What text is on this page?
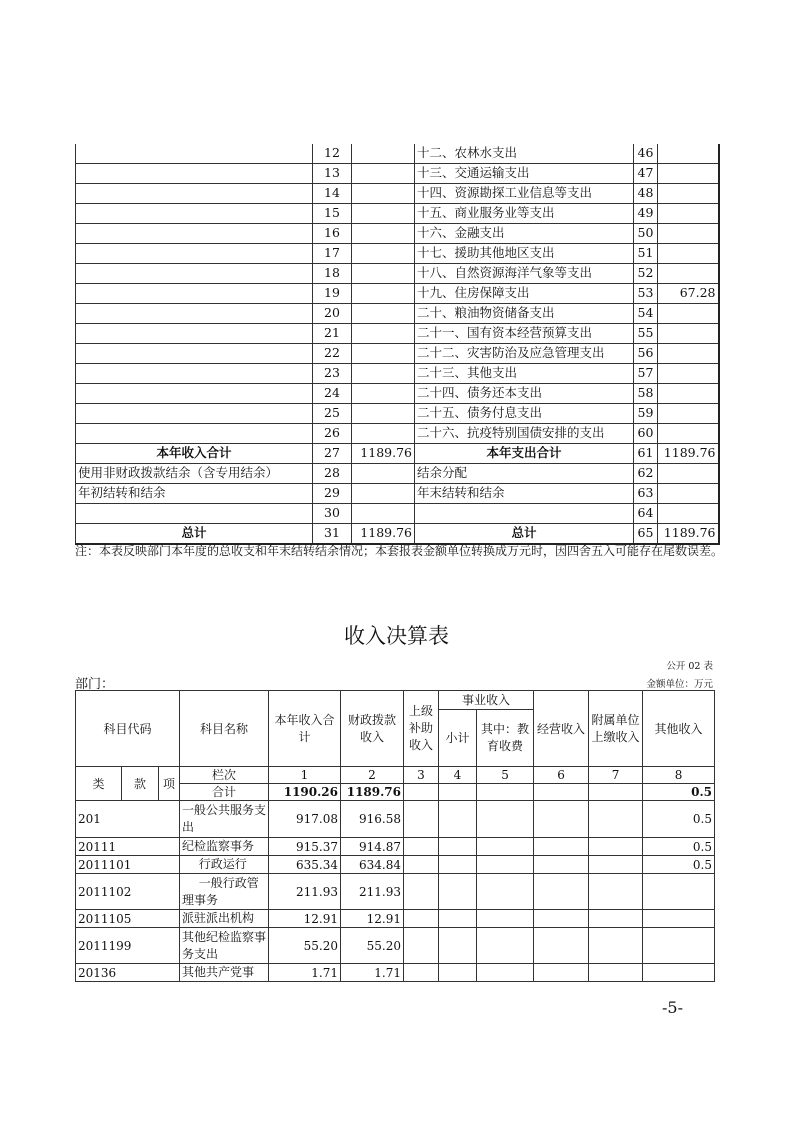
	12		十二、农林水支出	46	
	13		十三、交通运输支出	47	
	14		十四、资源勘探工业信息等支出	48	
	15		十五、商业服务业等支出	49	
	16		十六、金融支出	50	
	17		十七、援助其他地区支出	51	
	18		十八、自然资源海洋气象等支出	52	
	19		十九、住房保障支出	53	67.28
	20		二十、粮油物资储备支出	54	
	21		二十一、国有资本经营预算支出	55	
	22		二十二、灾害防治及应急管理支出	56	
	23		二十三、其他支出	57	
	24		二十四、债务还本支出	58	
	25		二十五、债务付息支出	59	
	26		二十六、抗疫特别国债安排的支出	60	
本年收入合计	27	1189.76	本年支出合计	61	1189.76
使用非财政拨款结余（含专用结余）	28		结余分配	62	
年初结转和结余	29		年末结转和结余	63	
	30			64	
总计	31	1189.76	总计	65	1189.76
注：本表反映部门本年度的总收支和年末结转结余情况；本套报表金额单位转换成万元时，因四舍五入可能存在尾数误差。
收入决算表
公开 02 表
部门：	金额单位：万元
科目代码			科目名称	本年收入合计	财政拨款收入	上级补助收入	事业收入		经营收入	附属单位上缴收入	其他收入
							小计	其中：教育收费			
类	款	项	栏次	1	2	3	4	5	6	7	8
			合计	1190.26	1189.76						0.5
201			一般公共服务支出	917.08	916.58						0.5
20111			纪检监察事务	915.37	914.87						0.5
2011101			行政运行	635.34	634.84						0.5
2011102			一般行政管理事务	211.93	211.93						
2011105			派驻派出机构	12.91	12.91						
2011199			其他纪检监察事务支出	55.20	55.20						
20136			其他共产党事	1.71	1.71						
-5-
